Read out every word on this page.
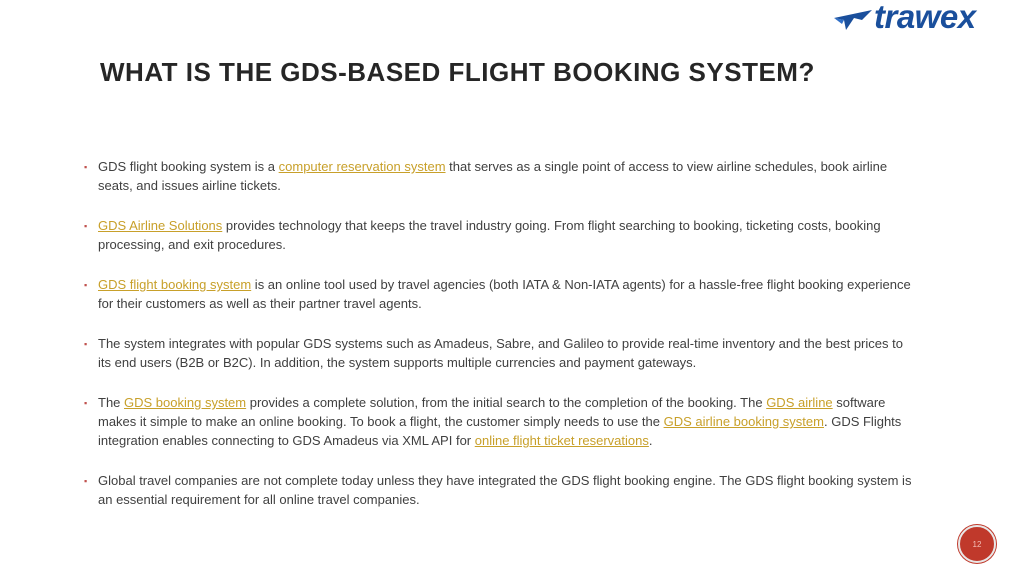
trawex
WHAT IS THE GDS-BASED FLIGHT BOOKING SYSTEM?
▪ GDS flight booking system is a computer reservation system that serves as a single point of access to view airline schedules, book airline seats, and issues airline tickets.
▪ GDS Airline Solutions provides technology that keeps the travel industry going. From flight searching to booking, ticketing costs, booking processing, and exit procedures.
▪ GDS flight booking system is an online tool used by travel agencies (both IATA & Non-IATA agents) for a hassle-free flight booking experience for their customers as well as their partner travel agents.
▪ The system integrates with popular GDS systems such as Amadeus, Sabre, and Galileo to provide real-time inventory and the best prices to its end users (B2B or B2C). In addition, the system supports multiple currencies and payment gateways.
▪ The GDS booking system provides a complete solution, from the initial search to the completion of the booking. The GDS airline software makes it simple to make an online booking. To book a flight, the customer simply needs to use the GDS airline booking system. GDS Flights integration enables connecting to GDS Amadeus via XML API for online flight ticket reservations.
▪ Global travel companies are not complete today unless they have integrated the GDS flight booking engine. The GDS flight booking system is an essential requirement for all online travel companies.
12
